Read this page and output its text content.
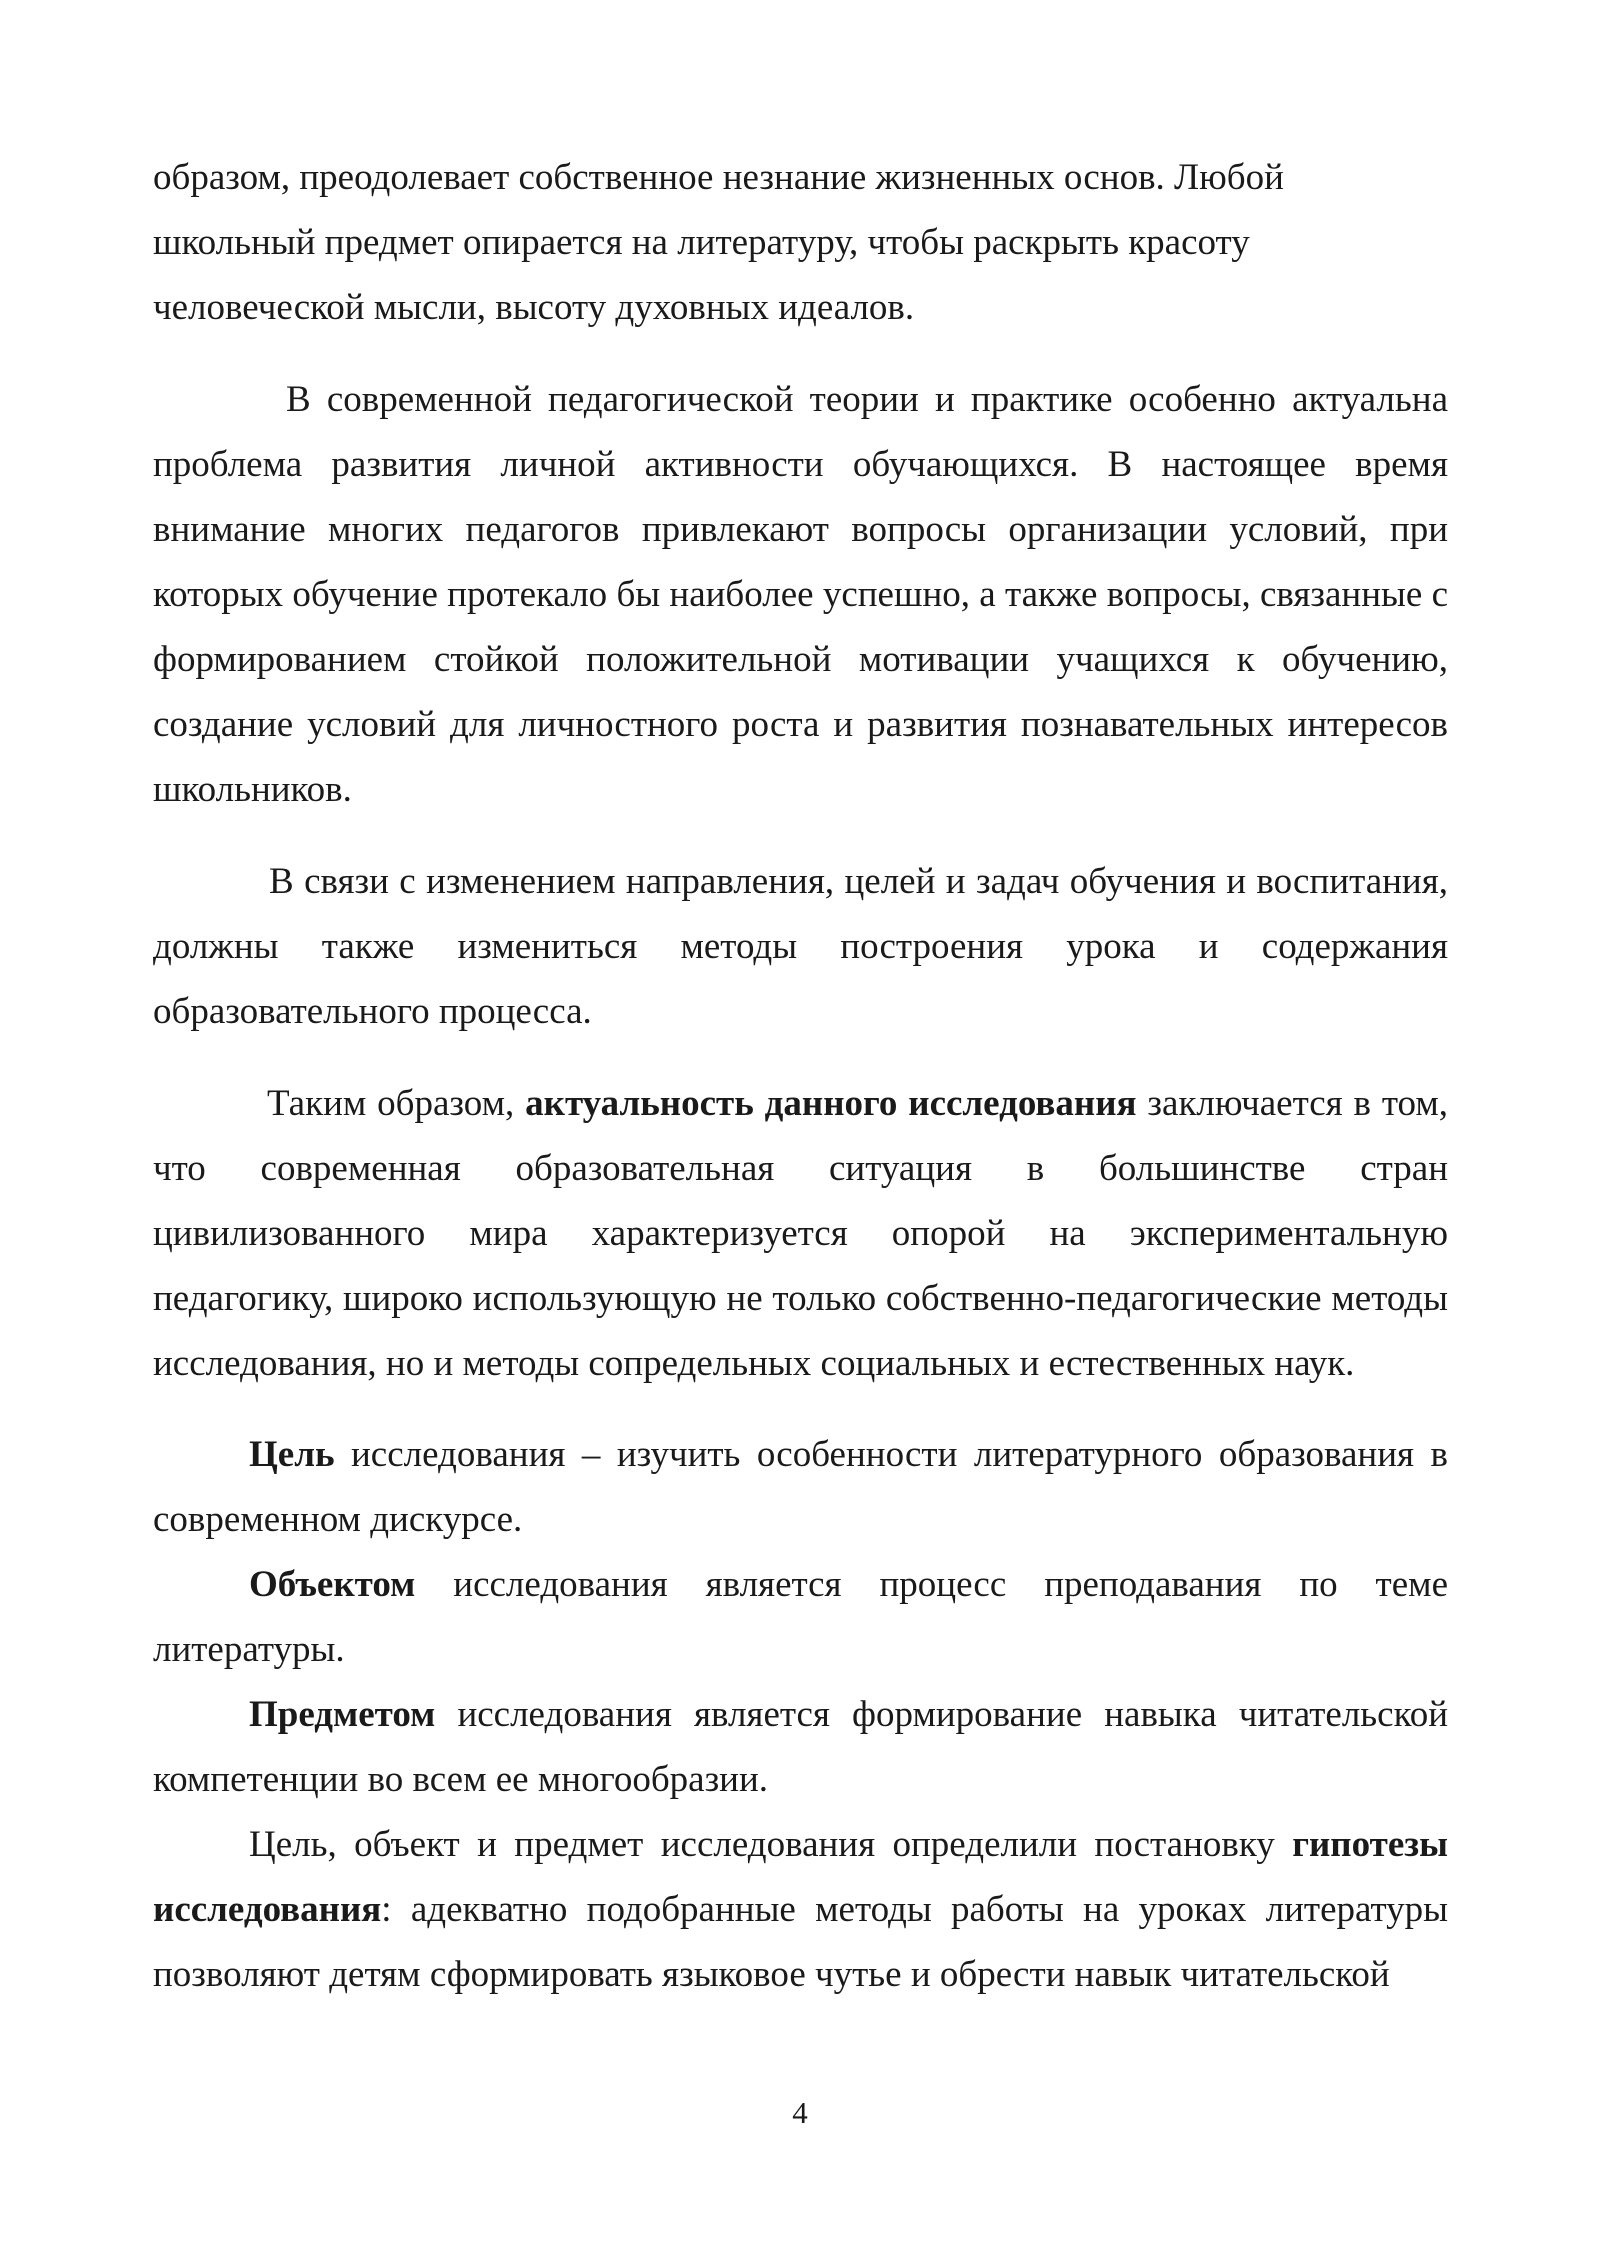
образом, преодолевает собственное незнание жизненных основ. Любой школьный предмет опирается на литературу, чтобы раскрыть красоту человеческой мысли, высоту духовных идеалов.

В современной педагогической теории и практике особенно актуальна проблема развития личной активности обучающихся. В настоящее время внимание многих педагогов привлекают вопросы организации условий, при которых обучение протекало бы наиболее успешно, а также вопросы, связанные с формированием стойкой положительной мотивации учащихся к обучению, создание условий для личностного роста и развития познавательных интересов школьников.

В связи с изменением направления, целей и задач обучения и воспитания, должны также измениться методы построения урока и содержания образовательного процесса.

Таким образом, актуальность данного исследования заключается в том, что современная образовательная ситуация в большинстве стран цивилизованного мира характеризуется опорой на экспериментальную педагогику, широко использующую не только собственно-педагогические методы исследования, но и методы сопредельных социальных и естественных наук.

Цель исследования – изучить особенности литературного образования в современном дискурсе.

Объектом исследования является процесс преподавания по теме литературы.

Предметом исследования является формирование навыка читательской компетенции во всем ее многообразии.

Цель, объект и предмет исследования определили постановку гипотезы исследования: адекватно подобранные методы работы на уроках литературы позволяют детям сформировать языковое чутье и обрести навык читательской

4
